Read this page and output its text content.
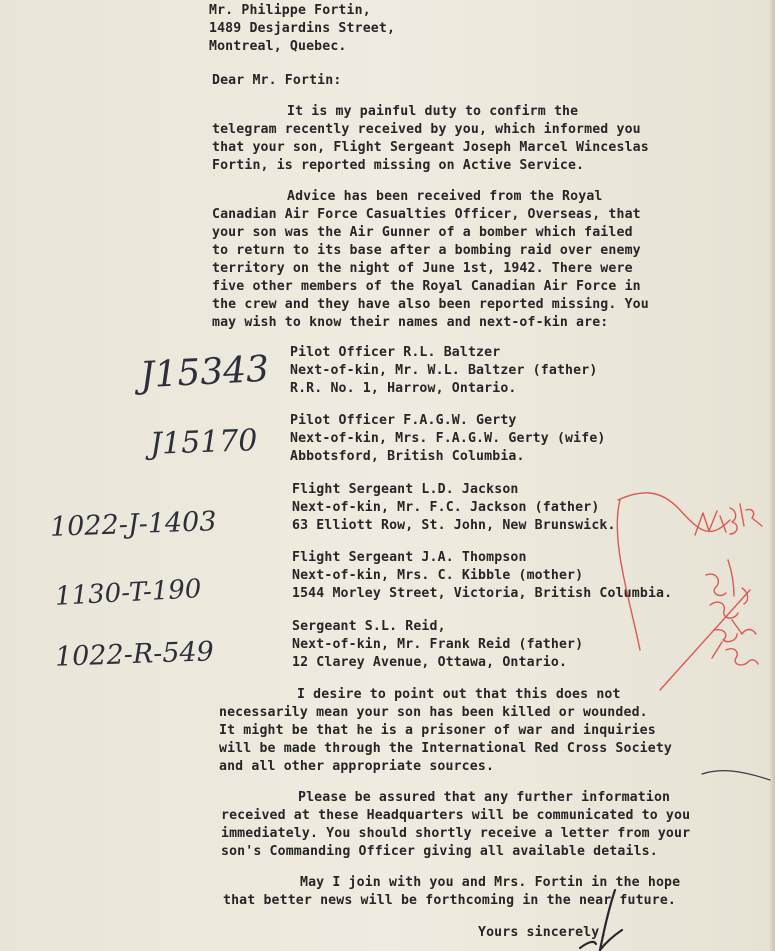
Mr. Philippe Fortin,
1489 Desjardins Street,
Montreal, Quebec.
Dear Mr. Fortin:
It is my painful duty to confirm the
telegram recently received by you, which informed you
that your son, Flight Sergeant Joseph Marcel Winceslas
Fortin, is reported missing on Active Service.
Advice has been received from the Royal
Canadian Air Force Casualties Officer, Overseas, that
your son was the Air Gunner of a bomber which failed
to return to its base after a bombing raid over enemy
territory on the night of June 1st, 1942. There were
five other members of the Royal Canadian Air Force in
the crew and they have also been reported missing. You
may wish to know their names and next-of-kin are:
Pilot Officer R.L. Baltzer
Next-of-kin, Mr. W.L. Baltzer (father)
R.R. No. 1, Harrow, Ontario.
J15343
Pilot Officer F.A.G.W. Gerty
Next-of-kin, Mrs. F.A.G.W. Gerty (wife)
Abbotsford, British Columbia.
J15170
Flight Sergeant L.D. Jackson
Next-of-kin, Mr. F.C. Jackson (father)
63 Elliott Row, St. John, New Brunswick.
1022-J-1403
Flight Sergeant J.A. Thompson
Next-of-kin, Mrs. C. Kibble (mother)
1544 Morley Street, Victoria, British Columbia.
1130-T-190
Sergeant S.L. Reid,
Next-of-kin, Mr. Frank Reid (father)
12 Clarey Avenue, Ottawa, Ontario.
1022-R-549
I desire to point out that this does not
necessarily mean your son has been killed or wounded.
It might be that he is a prisoner of war and inquiries
will be made through the International Red Cross Society
and all other appropriate sources.
Please be assured that any further information
received at these Headquarters will be communicated to you
immediately. You should shortly receive a letter from your
son's Commanding Officer giving all available details.
May I join with you and Mrs. Fortin in the hope
that better news will be forthcoming in the near future.
Yours sincerely,
